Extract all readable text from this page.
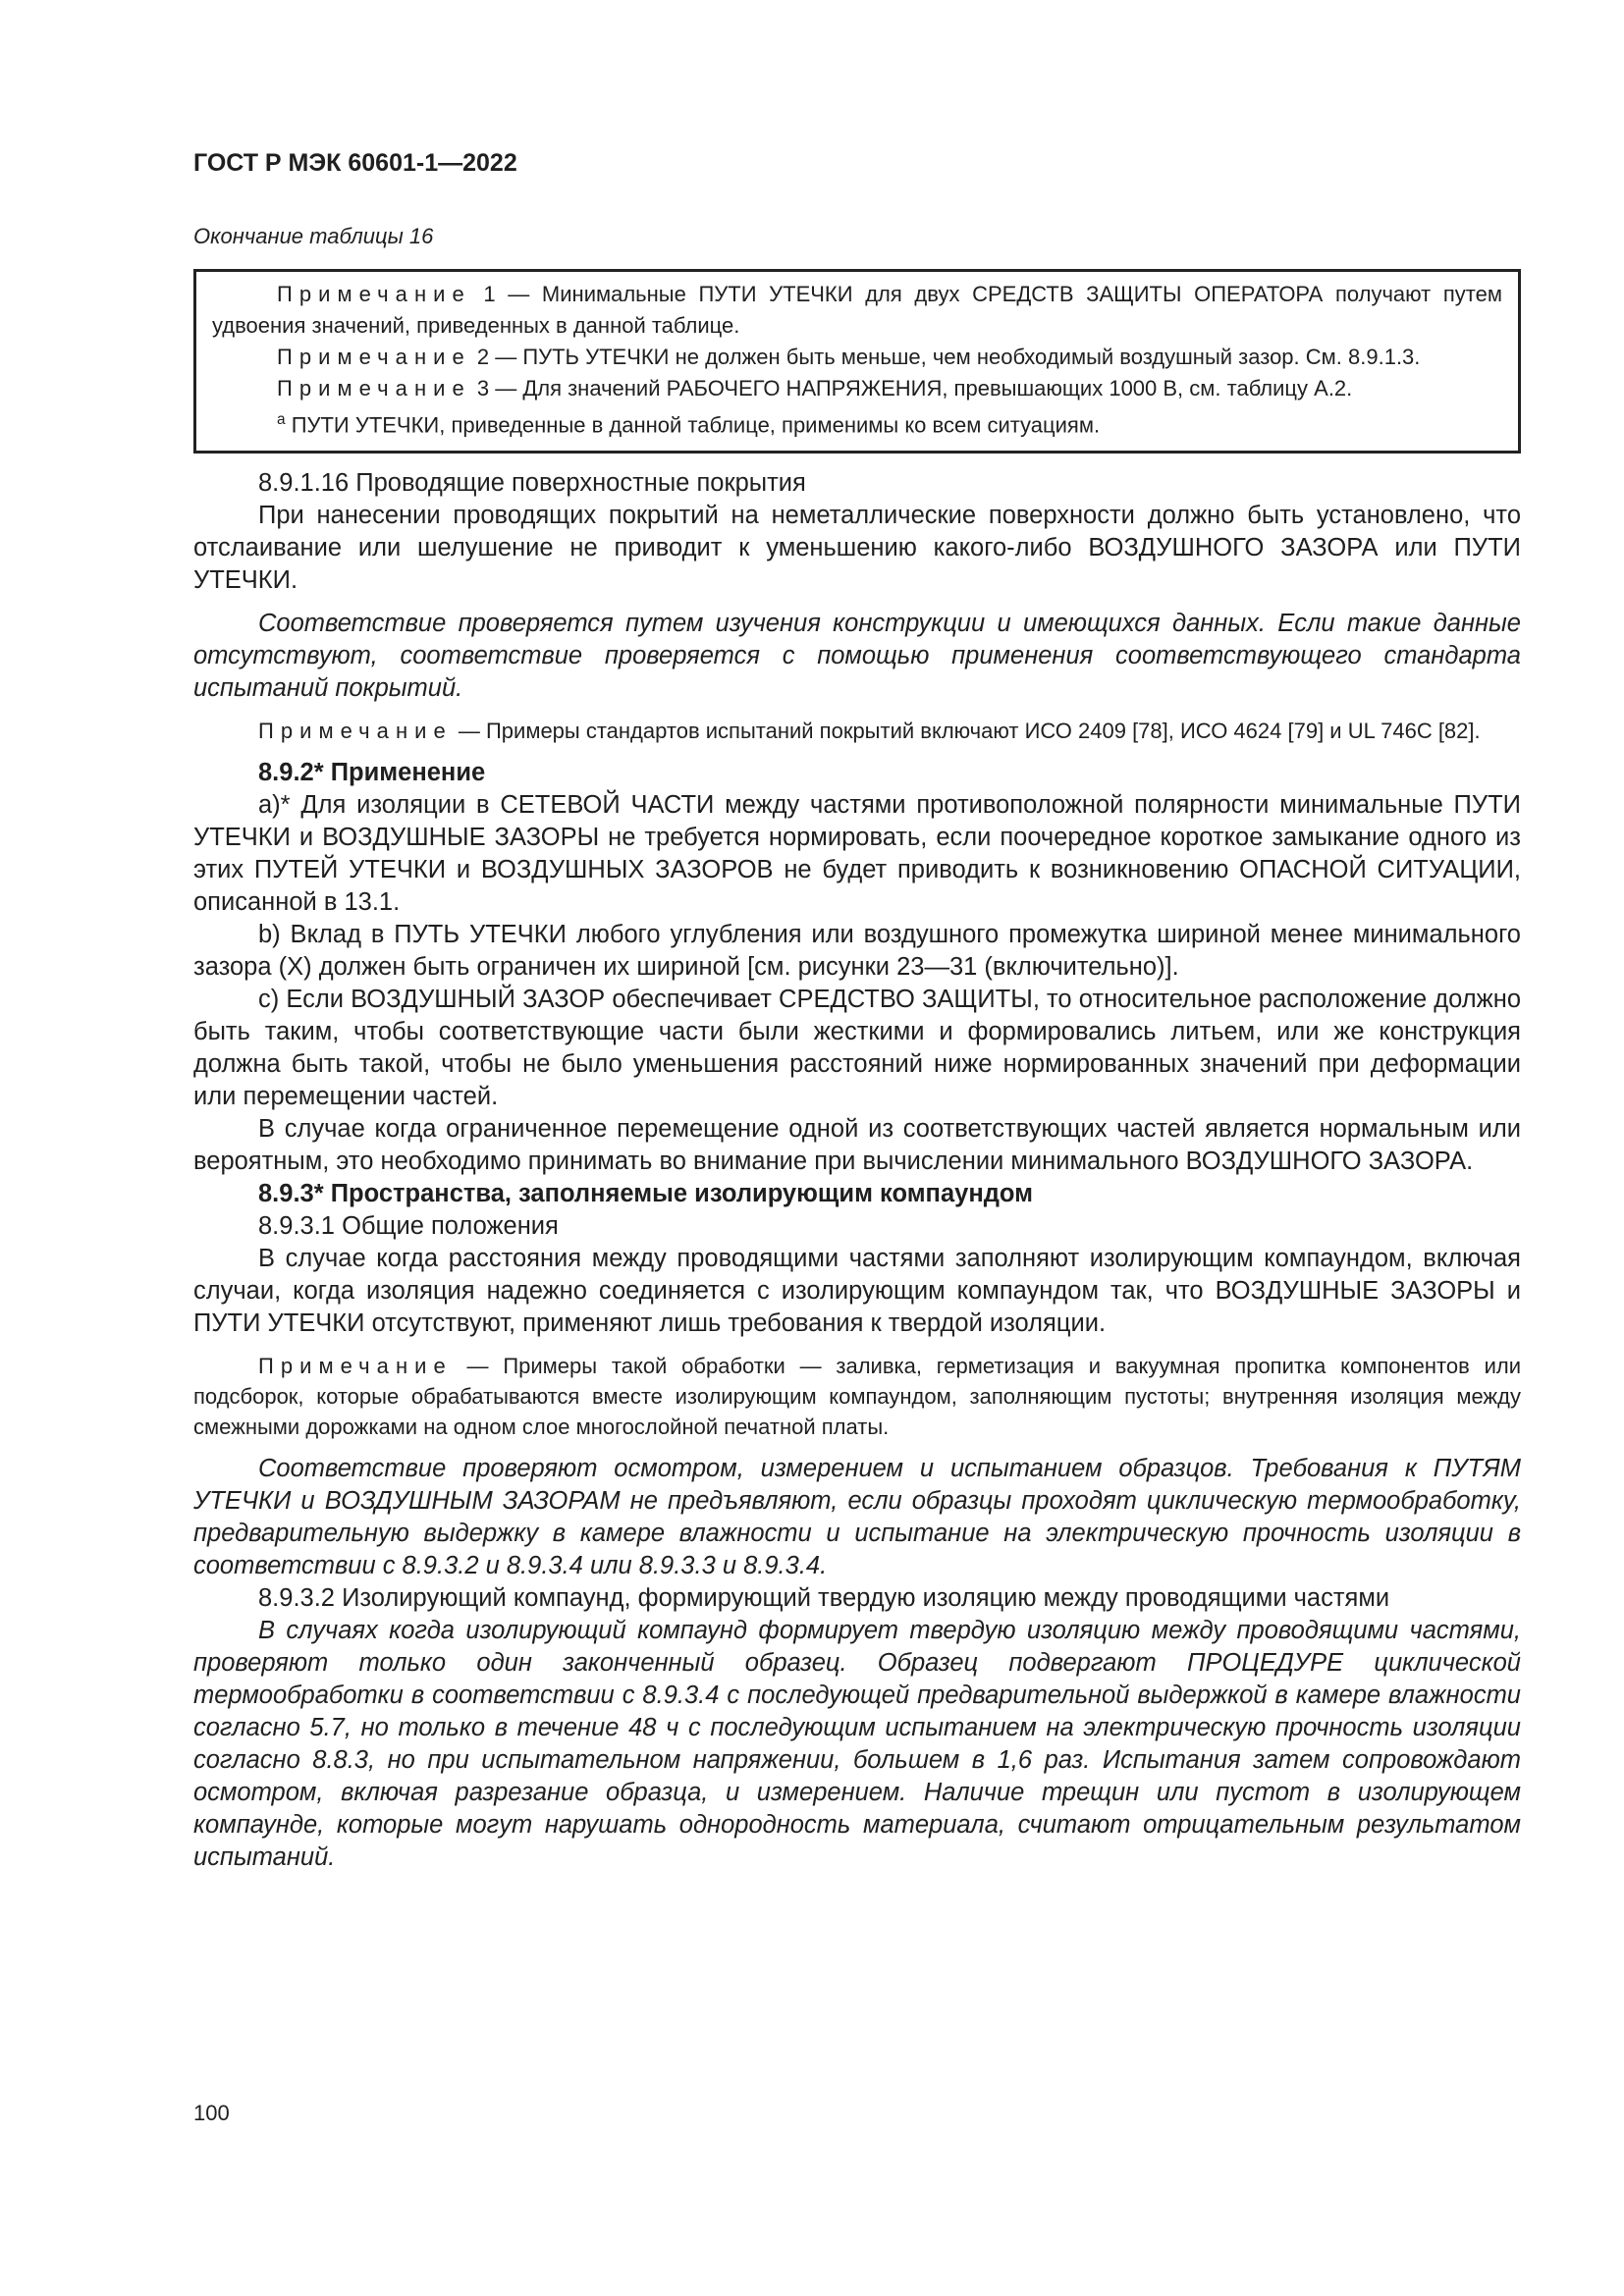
ГОСТ Р МЭК 60601-1—2022
Окончание таблицы 16

Примечание 1 — Минимальные ПУТИ УТЕЧКИ для двух СРЕДСТВ ЗАЩИТЫ ОПЕРАТОРА получают путем удвоения значений, приведенных в данной таблице.

Примечание 2 — ПУТЬ УТЕЧКИ не должен быть меньше, чем необходимый воздушный зазор. См. 8.9.1.3.

Примечание 3 — Для значений РАБОЧЕГО НАПРЯЖЕНИЯ, превышающих 1000 В, см. таблицу А.2.

$^a$ ПУТИ УТЕЧКИ, приведенные в данной таблице, применимы ко всем ситуациям.

8.9.1.16 Проводящие поверхностные покрытия

При нанесении проводящих покрытий на неметаллические поверхности должно быть установлено, что отслаивание или шелушение не приводит к уменьшению какого-либо ВОЗДУШНОГО ЗАЗОРА или ПУТИ УТЕЧКИ.

Соответствие проверяется путем изучения конструкции и имеющихся данных. Если такие данные отсутствуют, соответствие проверяется с помощью применения соответствующего стандарта испытаний покрытий.

Примечание — Примеры стандартов испытаний покрытий включают ИСО 2409 [78], ИСО 4624 [79] и UL 746C [82].

8.9.2* Применение

a)* Для изоляции в СЕТЕВОЙ ЧАСТИ между частями противоположной полярности минимальные ПУТИ УТЕЧКИ и ВОЗДУШНЫЕ ЗАЗОРЫ не требуется нормировать, если поочередное короткое замыкание одного из этих ПУТЕЙ УТЕЧКИ и ВОЗДУШНЫХ ЗАЗОРОВ не будет приводить к возникновению ОПАСНОЙ СИТУАЦИИ, описанной в 13.1.

b) Вклад в ПУТЬ УТЕЧКИ любого углубления или воздушного промежутка шириной менее минимального зазора (X) должен быть ограничен их шириной [см. рисунки 23—31 (включительно)].

c) Если ВОЗДУШНЫЙ ЗАЗОР обеспечивает СРЕДСТВО ЗАЩИТЫ, то относительное расположение должно быть таким, чтобы соответствующие части были жесткими и формировались литьем, или же конструкция должна быть такой, чтобы не было уменьшения расстояний ниже нормированных значений при деформации или перемещении частей.

В случае когда ограниченное перемещение одной из соответствующих частей является нормальным или вероятным, это необходимо принимать во внимание при вычислении минимального ВОЗДУШНОГО ЗАЗОРА.

8.9.3* Пространства, заполняемые изолирующим компаундом

8.9.3.1 Общие положения

В случае когда расстояния между проводящими частями заполняют изолирующим компаундом, включая случаи, когда изоляция надежно соединяется с изолирующим компаундом так, что ВОЗДУШНЫЕ ЗАЗОРЫ и ПУТИ УТЕЧКИ отсутствуют, применяют лишь требования к твердой изоляции.

Примечание — Примеры такой обработки — заливка, герметизация и вакуумная пропитка компонентов или подсборок, которые обрабатываются вместе изолирующим компаундом, заполняющим пустоты; внутренняя изоляция между смежными дорожками на одном слое многослойной печатной платы.

Соответствие проверяют осмотром, измерением и испытанием образцов. Требования к ПУТЯМ УТЕЧКИ и ВОЗДУШНЫМ ЗАЗОРАМ не предъявляют, если образцы проходят циклическую термообработку, предварительную выдержку в камере влажности и испытание на электрическую прочность изоляции в соответствии с 8.9.3.2 и 8.9.3.4 или 8.9.3.3 и 8.9.3.4.

8.9.3.2 Изолирующий компаунд, формирующий твердую изоляцию между проводящими частями

В случаях когда изолирующий компаунд формирует твердую изоляцию между проводящими частями, проверяют только один законченный образец. Образец подвергают ПРОЦЕДУРЕ циклической термообработки в соответствии с 8.9.3.4 с последующей предварительной выдержкой в камере влажности согласно 5.7, но только в течение 48 ч с последующим испытанием на электрическую прочность изоляции согласно 8.8.3, но при испытательном напряжении, большем в 1,6 раз. Испытания затем сопровождают осмотром, включая разрезание образца, и измерением. Наличие трещин или пустот в изолирующем компаунде, которые могут нарушать однородность материала, считают отрицательным результатом испытаний.

100
